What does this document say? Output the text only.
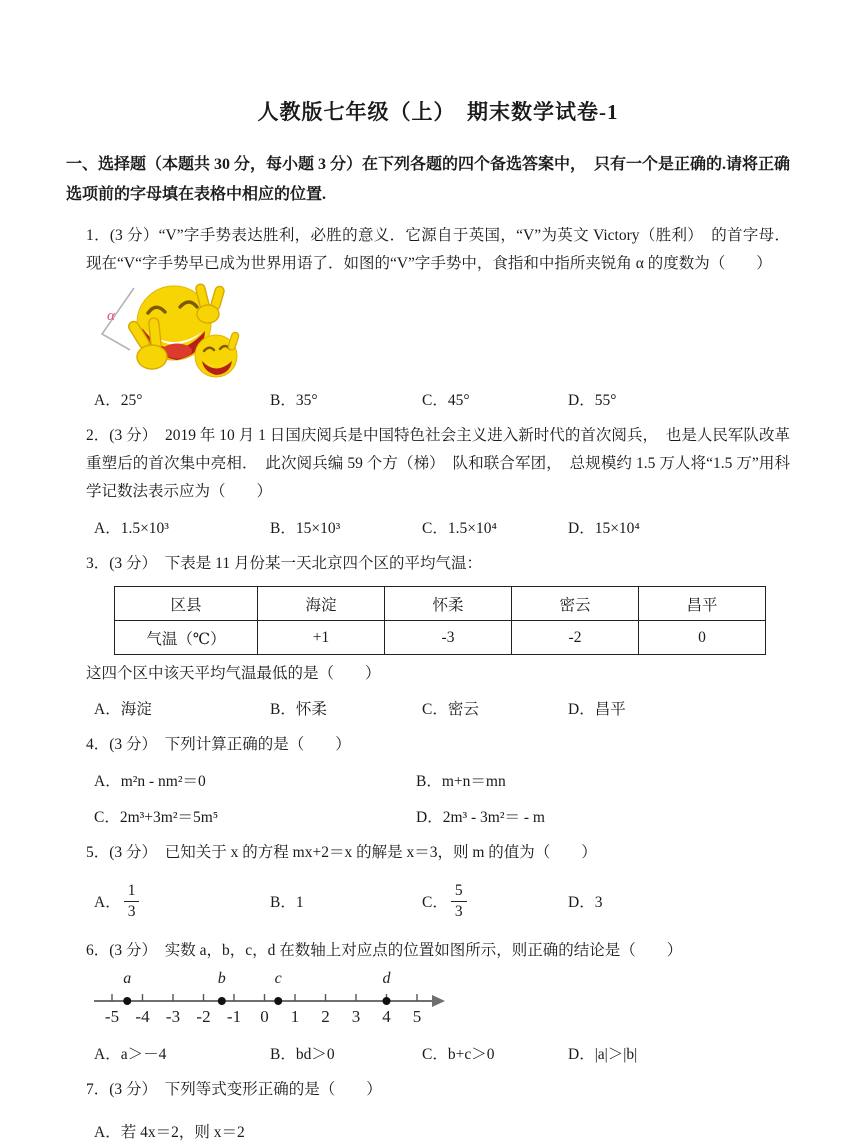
人教版七年级（上）　期末数学试卷-1

一、选择题（本题共 30 分，每小题 3 分）在下列各题的四个备选答案中，　只有一个是正确的.请将正确选项前的字母填在表格中相应的位置.

1．(3 分）“V”字手势表达胜利，必胜的意义．它源自于英国，“V”为英文 Victory（胜利）　的首字母．现在“V“字手势早已成为世界用语了．如图的“V”字手势中，食指和中指所夹锐角 α 的度数为（　　）

α
A．25°	B．35°	C．45°	D．55°

2．(3 分）　2019 年 10 月 1 日国庆阅兵是中国特色社会主义进入新时代的首次阅兵，　也是人民军队改革重塑后的首次集中亮相．　此次阅兵编 59 个方（梯）　队和联合军团，　总规模约 1.5 万人将“1.5 万”用科学记数法表示应为（　　）

A．1.5×10³	B．15×10³	C．1.5×10⁴	D．15×10⁴

3．(3 分）　下表是 11 月份某一天北京四个区的平均气温：

区县	海淀	怀柔	密云	昌平
气温（℃）	+1	-3	-2	0

这四个区中该天平均气温最低的是（　　）

A．海淀	B．怀柔	C．密云	D．昌平

4．(3 分）　下列计算正确的是（　　）

A．m²n - nm²＝0	B．m+n＝mn
C．2m³+3m²＝5m⁵	D．2m³ - 3m²＝ - m

5．(3 分）　已知关于 x 的方程 mx+2＝x 的解是 x＝3，则 m 的值为（　　）

A． $\frac{1}{3}$	B．1	C． $\frac{5}{3}$	D．3

6．(3 分）　实数 a，b，c，d 在数轴上对应点的位置如图所示，则正确的结论是（　　）

-5 -4 -3 -2 -1 0 1 2 3 4 5
a	b	c	d
A．a＞－4	B．bd＞0	C．b+c＞0	D．|a|＞|b|

7．(3 分）　下列等式变形正确的是（　　）

A．若 4x＝2，则 x＝2
